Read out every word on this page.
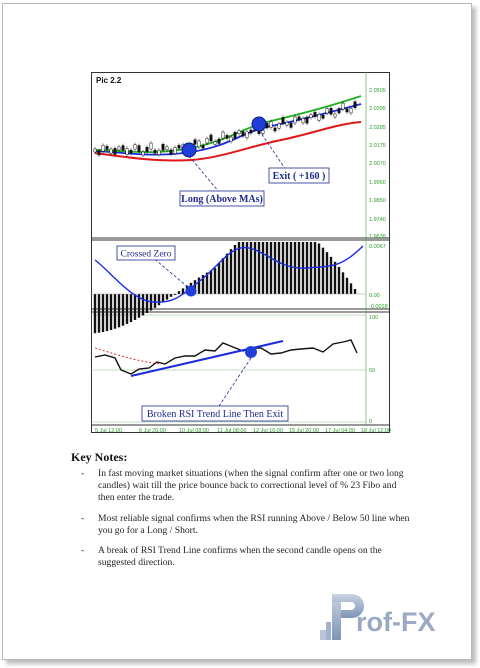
Long (Above MAs)
Exit ( +160 )
Crossed Zero
Broken RSI Trend Line Then Exit
Pic 2.2
2.0505
2.0395
2.0285
2.0175
2.0070
1.9960
1.9850
1.9740
1.9635
0.0067
0.00
-0.0018
100
50
0
5 Jul 12:00	6 Jul 20:00 10 Jul 08:00 11 Jul 08:00 12 Jul 16:00 15 Jul 20:00 17 Jul 04:00 18 Jul 12:00
Key Notes:
- In fast moving market situations (when the signal confirm after one or two long candles) wait till the price bounce back to correctional level of % 23 Fibo and then enter the trade.
- Most reliable signal confirms when the RSI running Above / Below 50 line when you go for a Long / Short.
- A break of RSI Trend Line confirms when the second candle opens on the suggested direction.
rof-FX
